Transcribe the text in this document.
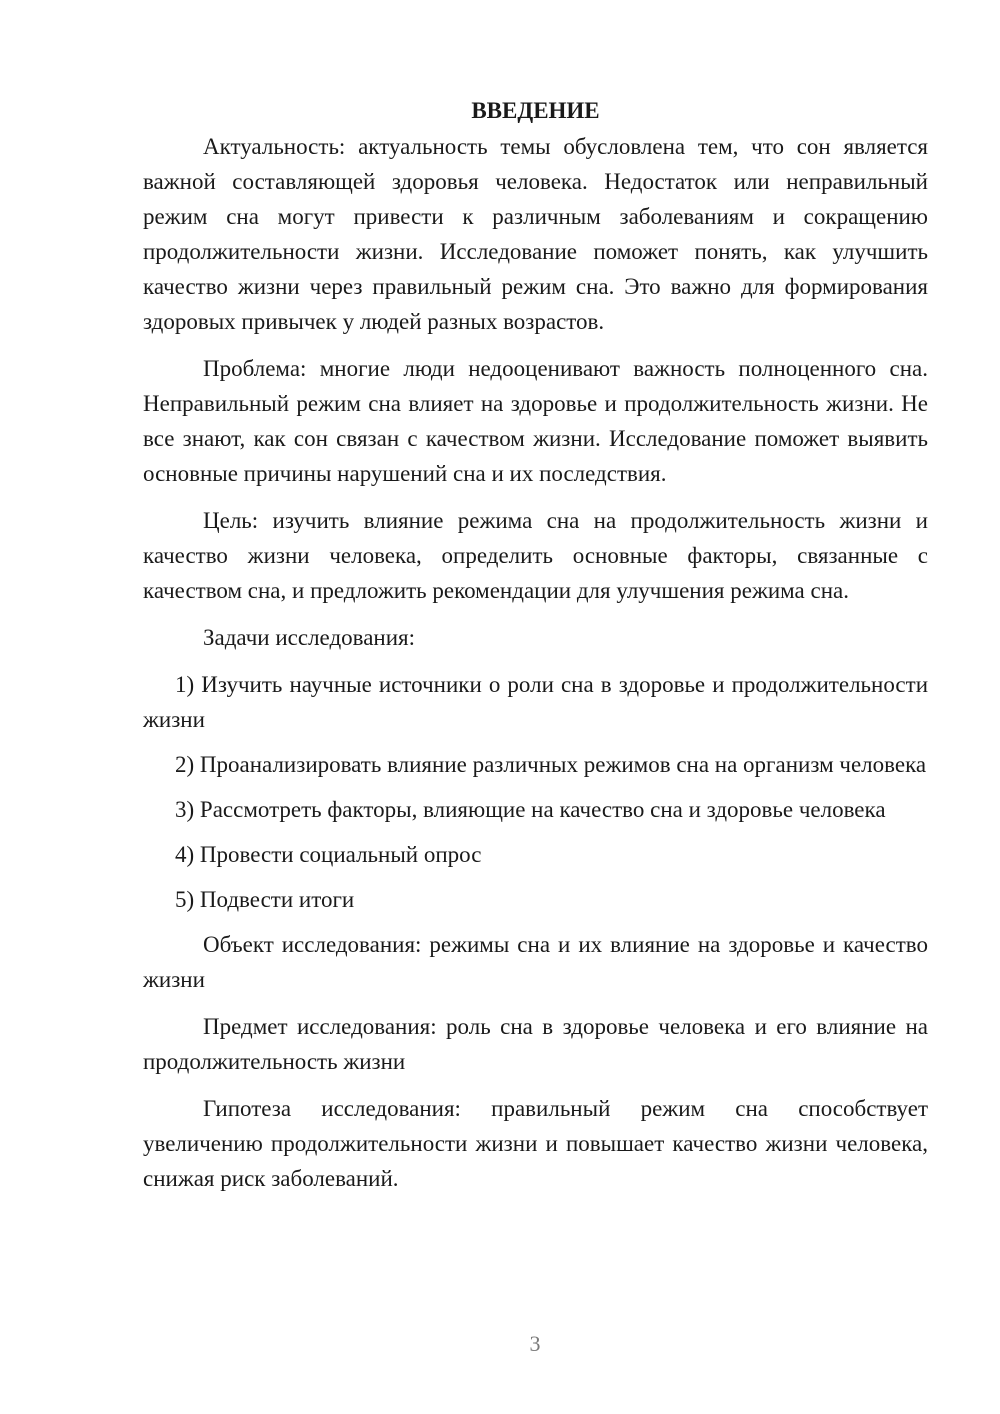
ВВЕДЕНИЕ

Актуальность: актуальность темы обусловлена тем, что сон является важной составляющей здоровья человека. Недостаток или неправильный режим сна могут привести к различным заболеваниям и сокращению продолжительности жизни. Исследование поможет понять, как улучшить качество жизни через правильный режим сна. Это важно для формирования здоровых привычек у людей разных возрастов.

Проблема: многие люди недооценивают важность полноценного сна. Неправильный режим сна влияет на здоровье и продолжительность жизни. Не все знают, как сон связан с качеством жизни. Исследование поможет выявить основные причины нарушений сна и их последствия.

Цель: изучить влияние режима сна на продолжительность жизни и качество жизни человека, определить основные факторы, связанные с качеством сна, и предложить рекомендации для улучшения режима сна.

Задачи исследования:

1) Изучить научные источники о роли сна в здоровье и продолжительности жизни

2) Проанализировать влияние различных режимов сна на организм человека

3) Рассмотреть факторы, влияющие на качество сна и здоровье человека

4) Провести социальный опрос

5) Подвести итоги

Объект исследования: режимы сна и их влияние на здоровье и качество жизни

Предмет исследования: роль сна в здоровье человека и его влияние на продолжительность жизни

Гипотеза исследования: правильный режим сна способствует увеличению продолжительности жизни и повышает качество жизни человека, снижая риск заболеваний.

3
